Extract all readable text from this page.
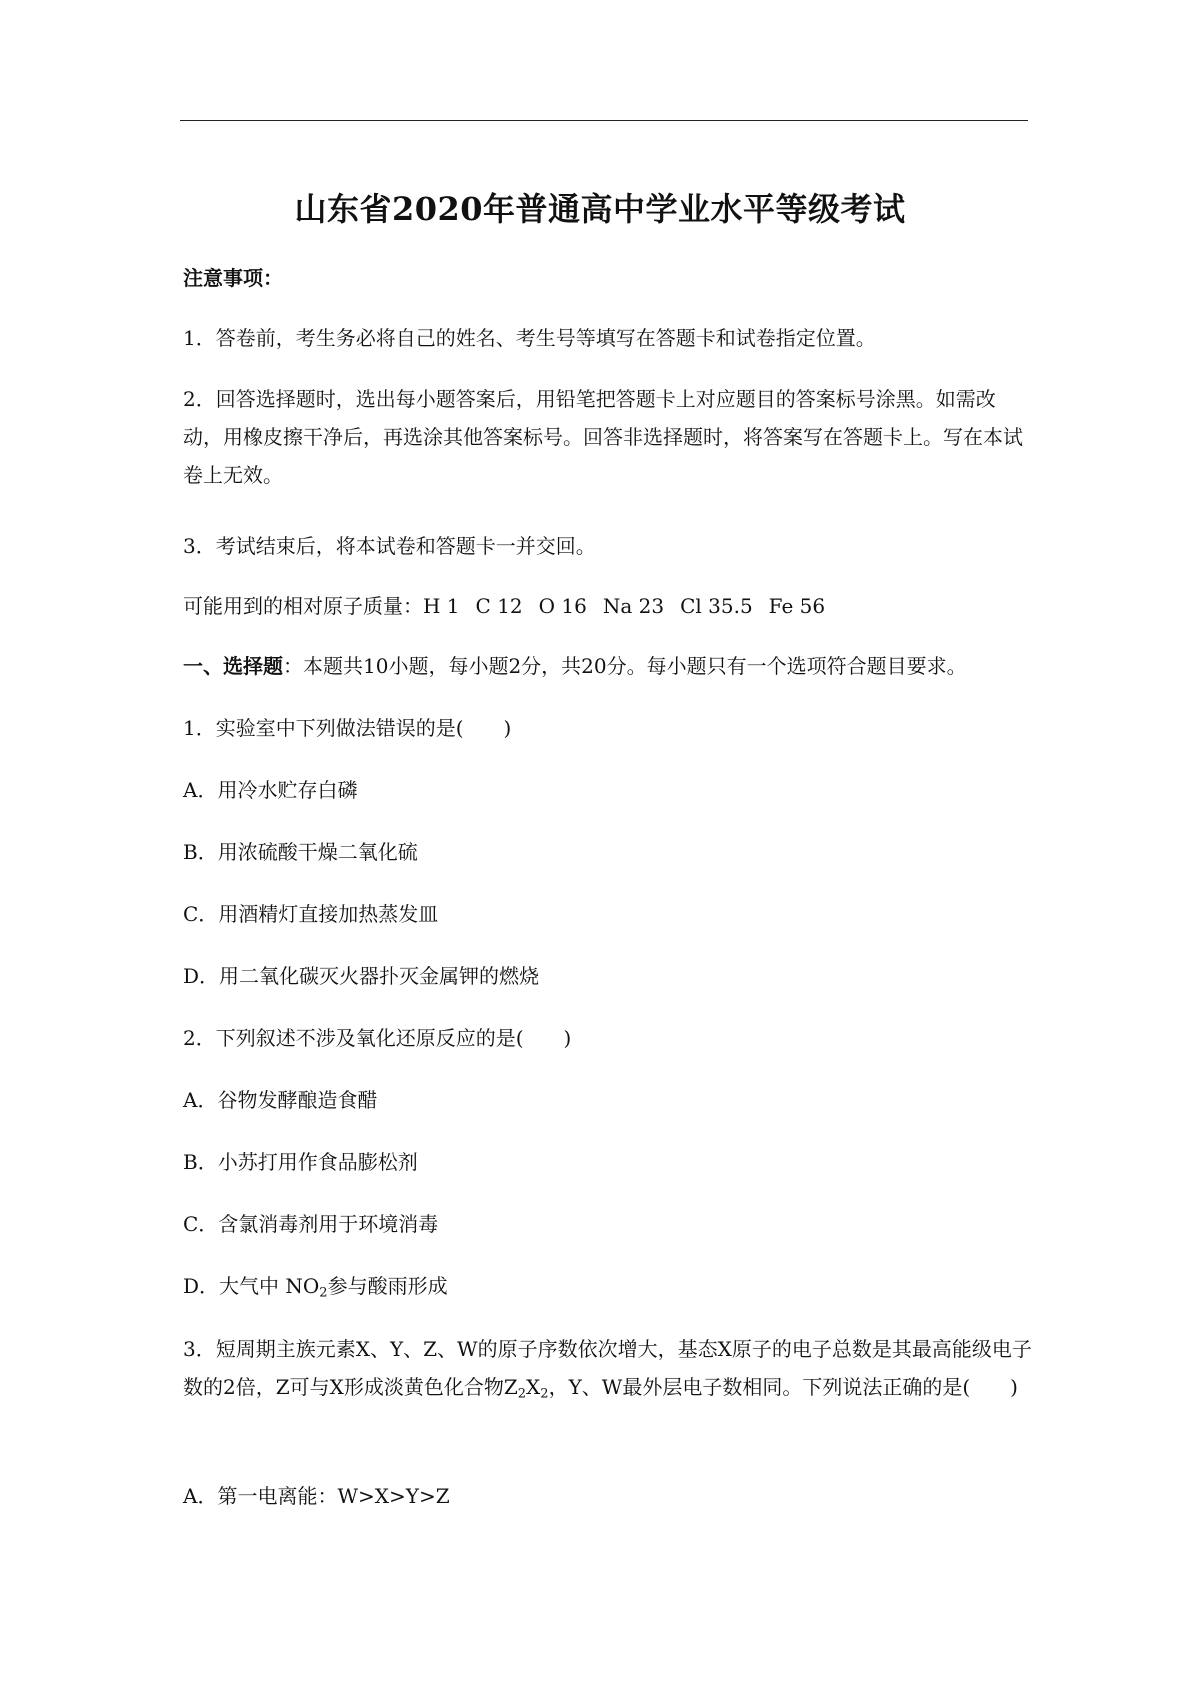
山东省2020年普通高中学业水平等级考试
注意事项：
1．答卷前，考生务必将自己的姓名、考生号等填写在答题卡和试卷指定位置。
2．回答选择题时，选出每小题答案后，用铅笔把答题卡上对应题目的答案标号涂黑。如需改动，用橡皮擦干净后，再选涂其他答案标号。回答非选择题时，将答案写在答题卡上。写在本试卷上无效。
3．考试结束后，将本试卷和答题卡一并交回。
可能用到的相对原子质量：H 1 C 12 O 16 Na 23 Cl 35.5 Fe 56
一、选择题：本题共10小题，每小题2分，共20分。每小题只有一个选项符合题目要求。
1．实验室中下列做法错误的是( )
A．用冷水贮存白磷
B．用浓硫酸干燥二氧化硫
C．用酒精灯直接加热蒸发皿
D．用二氧化碳灭火器扑灭金属钾的燃烧
2．下列叙述不涉及氧化还原反应的是( )
A．谷物发酵酿造食醋
B．小苏打用作食品膨松剂
C．含氯消毒剂用于环境消毒
D．大气中 $NO_2$参与酸雨形成
3．短周期主族元素X、Y、Z、W的原子序数依次增大，基态X原子的电子总数是其最高能级电子数的2倍，Z可与X形成淡黄色化合物$Z_2X_2$，Y、W最外层电子数相同。下列说法正确的是( )
A．第一电离能：W>X>Y>Z
